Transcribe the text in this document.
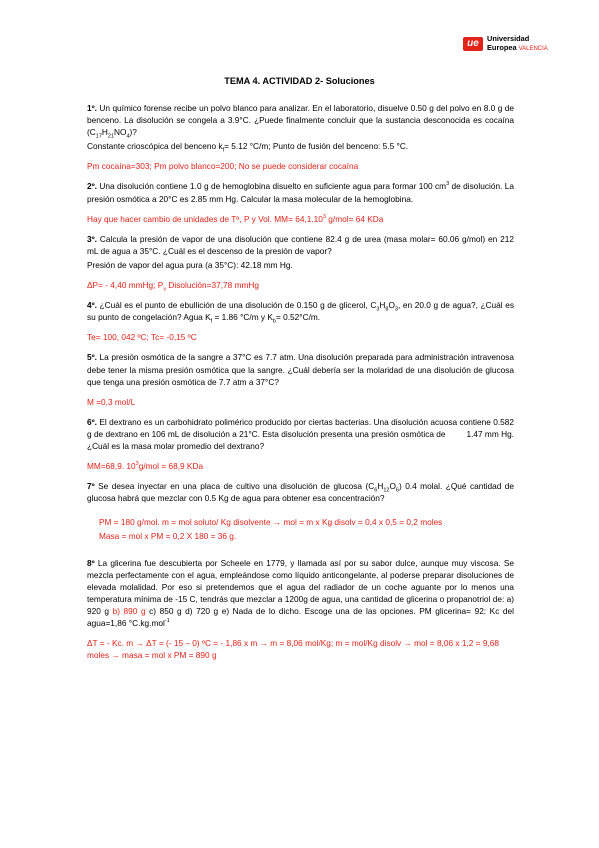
ue	Universidad
Europea VALENCIA
TEMA 4. ACTIVIDAD 2- Soluciones

1º. Un químico forense recibe un polvo blanco para analizar. En el laboratorio, disuelve 0.50 g del polvo en 8.0 g de benceno. La disolución se congela a 3.9°C. ¿Puede finalmente concluir que la sustancia desconocida es cocaína $(C_{17}H_{21}NO_4)$?

Constante crioscópica del benceno $k_f= 5.12$ °C/m; Punto de fusión del benceno: 5.5 °C.

Pm cocaína=303; Pm polvo blanco=200; No se puede considerar cocaína

2º. Una disolución contiene 1.0 g de hemoglobina disuelto en suficiente agua para formar 100 $cm^3$ de disolución. La presión osmótica a 20°C es 2.85 mm Hg. Calcular la masa molecular de la hemoglobina.

Hay que hacer cambio de unidades de Tª, P y Vol. $MM= 64,1.10^3$ g/mol= 64 KDa

3º. Calcula la presión de vapor de una disolución que contiene 82.4 g de urea (masa molar= 60.06 g/mol) en 212 mL de agua a 35°C. ¿Cuál es el descenso de la presión de vapor?

Presión de vapor del agua pura (a 35°C): 42.18 mm Hg.

ΔP= - 4,40 mmHg; $P_v$ Disolución=37,78 mmHg

4º. ¿Cuál es el punto de ebullición de una disolución de 0.150 g de glicerol, $C_3H_8O_3$, en 20.0 g de agua?, ¿Cuál es su punto de congelación? Agua $K_f = 1.86$ °C/m y $K_b= 0.52^\circ C/m$.

Te= 100, 042 ºC; Tc= -0,15 ºC

5º. La presión osmótica de la sangre a 37°C es 7.7 atm. Una disolución preparada para administración intravenosa debe tener la misma presión osmótica que la sangre. ¿Cuál debería ser la molaridad de una disolución de glucosa que tenga una presión osmótica de 7.7 atm a 37°C?

M =0,3 mol/L

6º. El dextrano es un carbohidrato polimérico producido por ciertas bacterias. Una disolución acuosa contiene 0.582 g de dextrano en 106 mL de disolución a 21°C. Esta disolución presenta una presión osmótica de         1.47 mm Hg. ¿Cuál es la masa molar promedio del dextrano?

MM=68,9. $10^3g$/mol = 68,9 KDa

7º Se desea inyectar en una placa de cultivo una disolución de glucosa $(C_6H_{12}O_6)$ 0.4 molal. ¿Qué cantidad de glucosa habrá que mezclar con 0.5 Kg de agua para obtener esa concentración?

PM = 180 g/mol. m = mol soluto/ Kg disolvente → mol = m x Kg disolv = 0,4 x 0,5 = 0,2 moles

Masa = mol x PM = 0,2 X 180 = 36 g.

8º La glicerina fue descubierta por Scheele en 1779, y llamada así por su sabor dulce, aunque muy viscosa. Se mezcla perfectamente con el agua, empleándose como líquido anticongelante, al poderse preparar disoluciones de elevada molalidad. Por eso si pretendemos que el agua del radiador de un coche aguante por lo menos una temperatura mínima de -15 C, tendrás que mezclar a 1200g de agua, una cantidad de glicerina o propanotriol de: a) 920 g b) 890 g c) 850 g d) 720 g e) Nada de lo dicho. Escoge una de las opciones. PM glicerina= 92: Kc del agua=1,86 °C.kg.mol$^{-1}$

ΔT = - Kc. m → ΔT = (- 15 – 0) ºC = - 1,86 x m → m = 8,06 mol/Kg; m = mol/Kg disolv → mol = 8,06 x 1,2 = 9,68 moles → masa = mol x PM = 890 g
